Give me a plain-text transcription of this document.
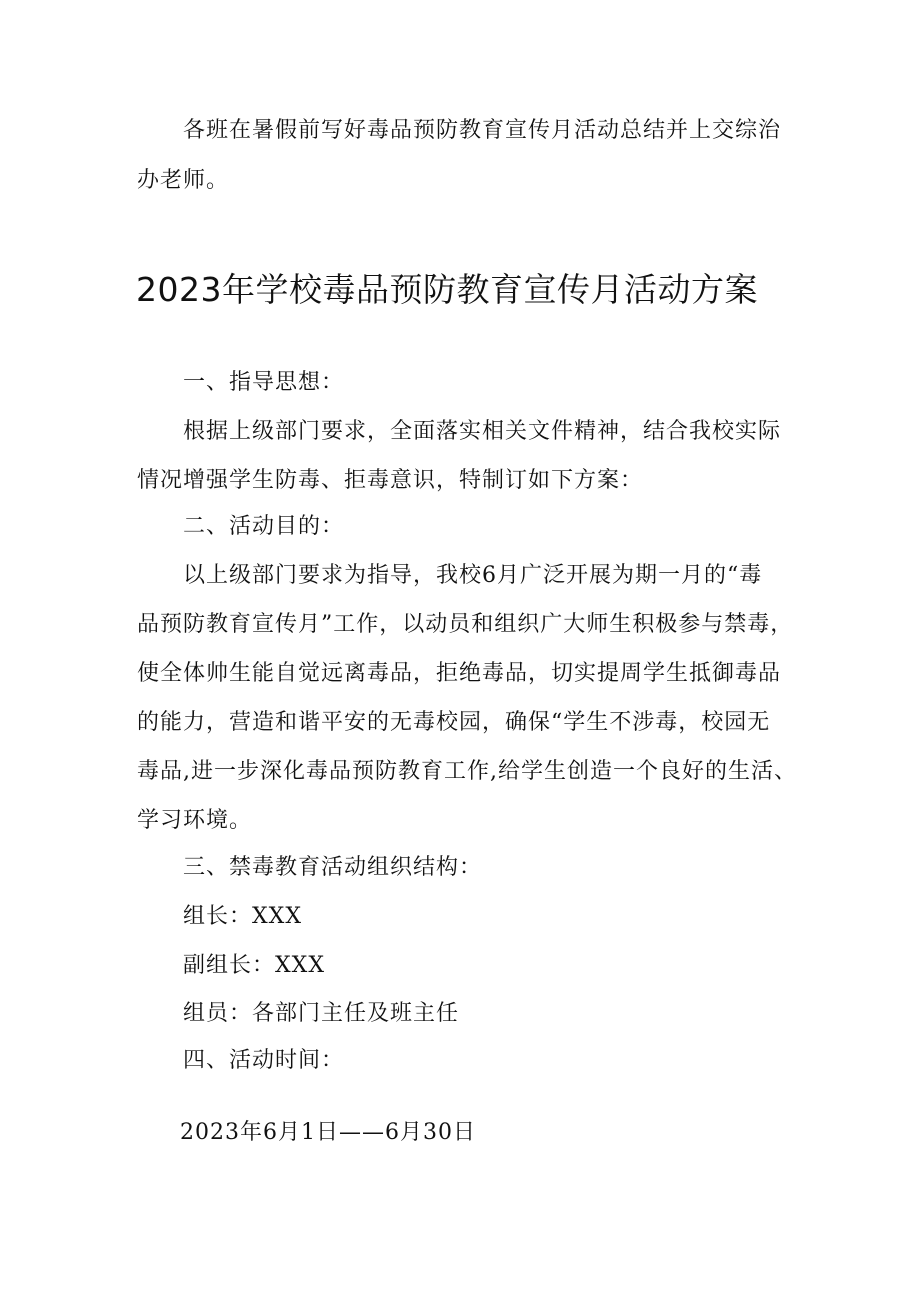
各班在暑假前写好毒品预防教育宣传月活动总结并上交综治
办老师。
2023年学校毒品预防教育宣传月活动方案
一、指导思想：
根据上级部门要求，全面落实相关文件精神，结合我校实际
情况增强学生防毒、拒毒意识，特制订如下方案：
二、活动目的：
以上级部门要求为指导，我校6月广泛开展为期一月的“毒
品预防教育宣传月”工作，以动员和组织广大师生积极参与禁毒，
使全体帅生能自觉远离毒品，拒绝毒品，切实提周学生抵御毒品
的能力，营造和谐平安的无毒校园，确保“学生不涉毒，校园无
毒品,进一步深化毒品预防教育工作,给学生创造一个良好的生活、
学习环境。
三、禁毒教育活动组织结构：
组长：XXX
副组长：XXX
组员：各部门主任及班主任
四、活动时间：
2023年6月1日——6月30日
